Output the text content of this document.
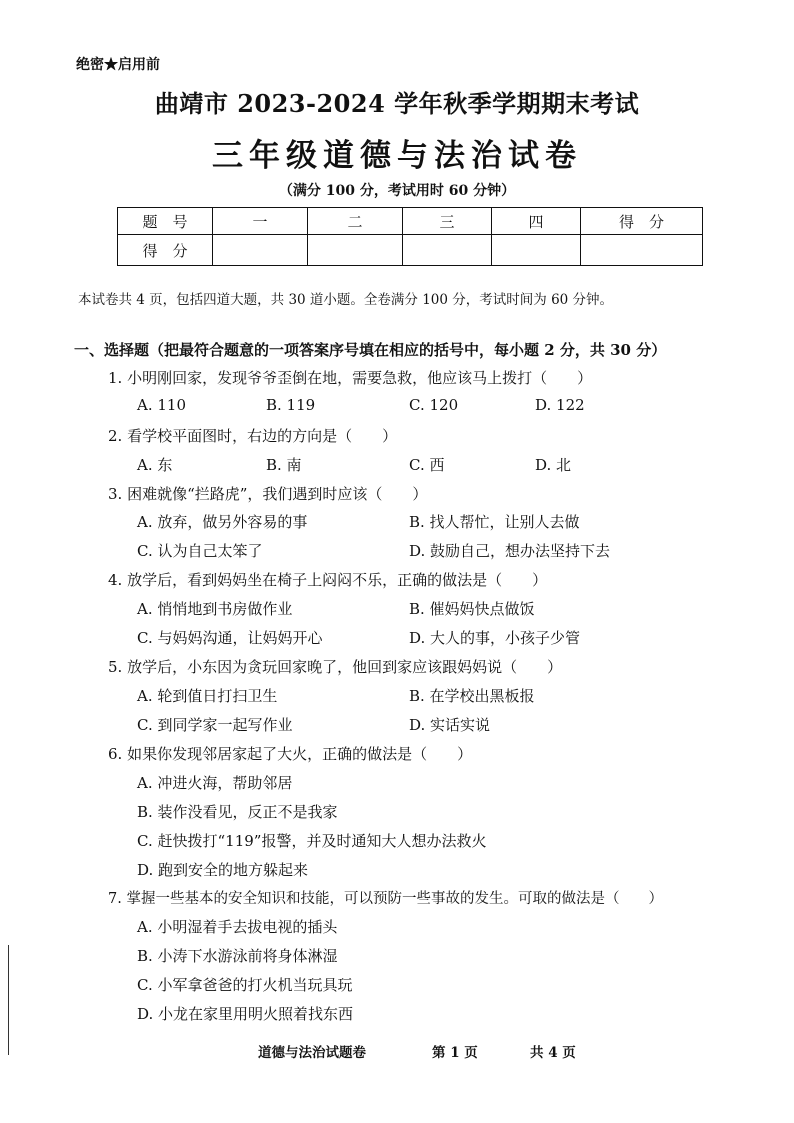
绝密★启用前
曲靖市 2023-2024 学年秋季学期期末考试
三年级道德与法治试卷
（满分 100 分，考试用时 60 分钟）
题　号	一	二	三	四	得　分
得　分					
本试卷共 4 页，包括四道大题，共 30 道小题。全卷满分 100 分，考试时间为 60 分钟。
一、选择题（把最符合题意的一项答案序号填在相应的括号中，每小题 2 分，共 30 分）
1. 小明刚回家，发现爷爷歪倒在地，需要急救，他应该马上拨打（　　）
A. 110	B. 119	C. 120	D. 122
2. 看学校平面图时，右边的方向是（　　）
A. 东	B. 南	C. 西	D. 北
3. 困难就像“拦路虎”，我们遇到时应该（　　）
A. 放弃，做另外容易的事	B. 找人帮忙，让别人去做
C. 认为自己太笨了	D. 鼓励自己，想办法坚持下去
4. 放学后，看到妈妈坐在椅子上闷闷不乐，正确的做法是（　　）
A. 悄悄地到书房做作业	B. 催妈妈快点做饭
C. 与妈妈沟通，让妈妈开心	D. 大人的事，小孩子少管
5. 放学后，小东因为贪玩回家晚了，他回到家应该跟妈妈说（　　）
A. 轮到值日打扫卫生	B. 在学校出黑板报
C. 到同学家一起写作业	D. 实话实说
6. 如果你发现邻居家起了大火，正确的做法是（　　）
A. 冲进火海，帮助邻居
B. 装作没看见，反正不是我家
C. 赶快拨打“119”报警，并及时通知大人想办法救火
D. 跑到安全的地方躲起来
7. 掌握一些基本的安全知识和技能，可以预防一些事故的发生。可取的做法是（　　）
A. 小明湿着手去拔电视的插头
B. 小涛下水游泳前将身体淋湿
C. 小军拿爸爸的打火机当玩具玩
D. 小龙在家里用明火照着找东西
道德与法治试题卷	第 1 页	共 4 页
